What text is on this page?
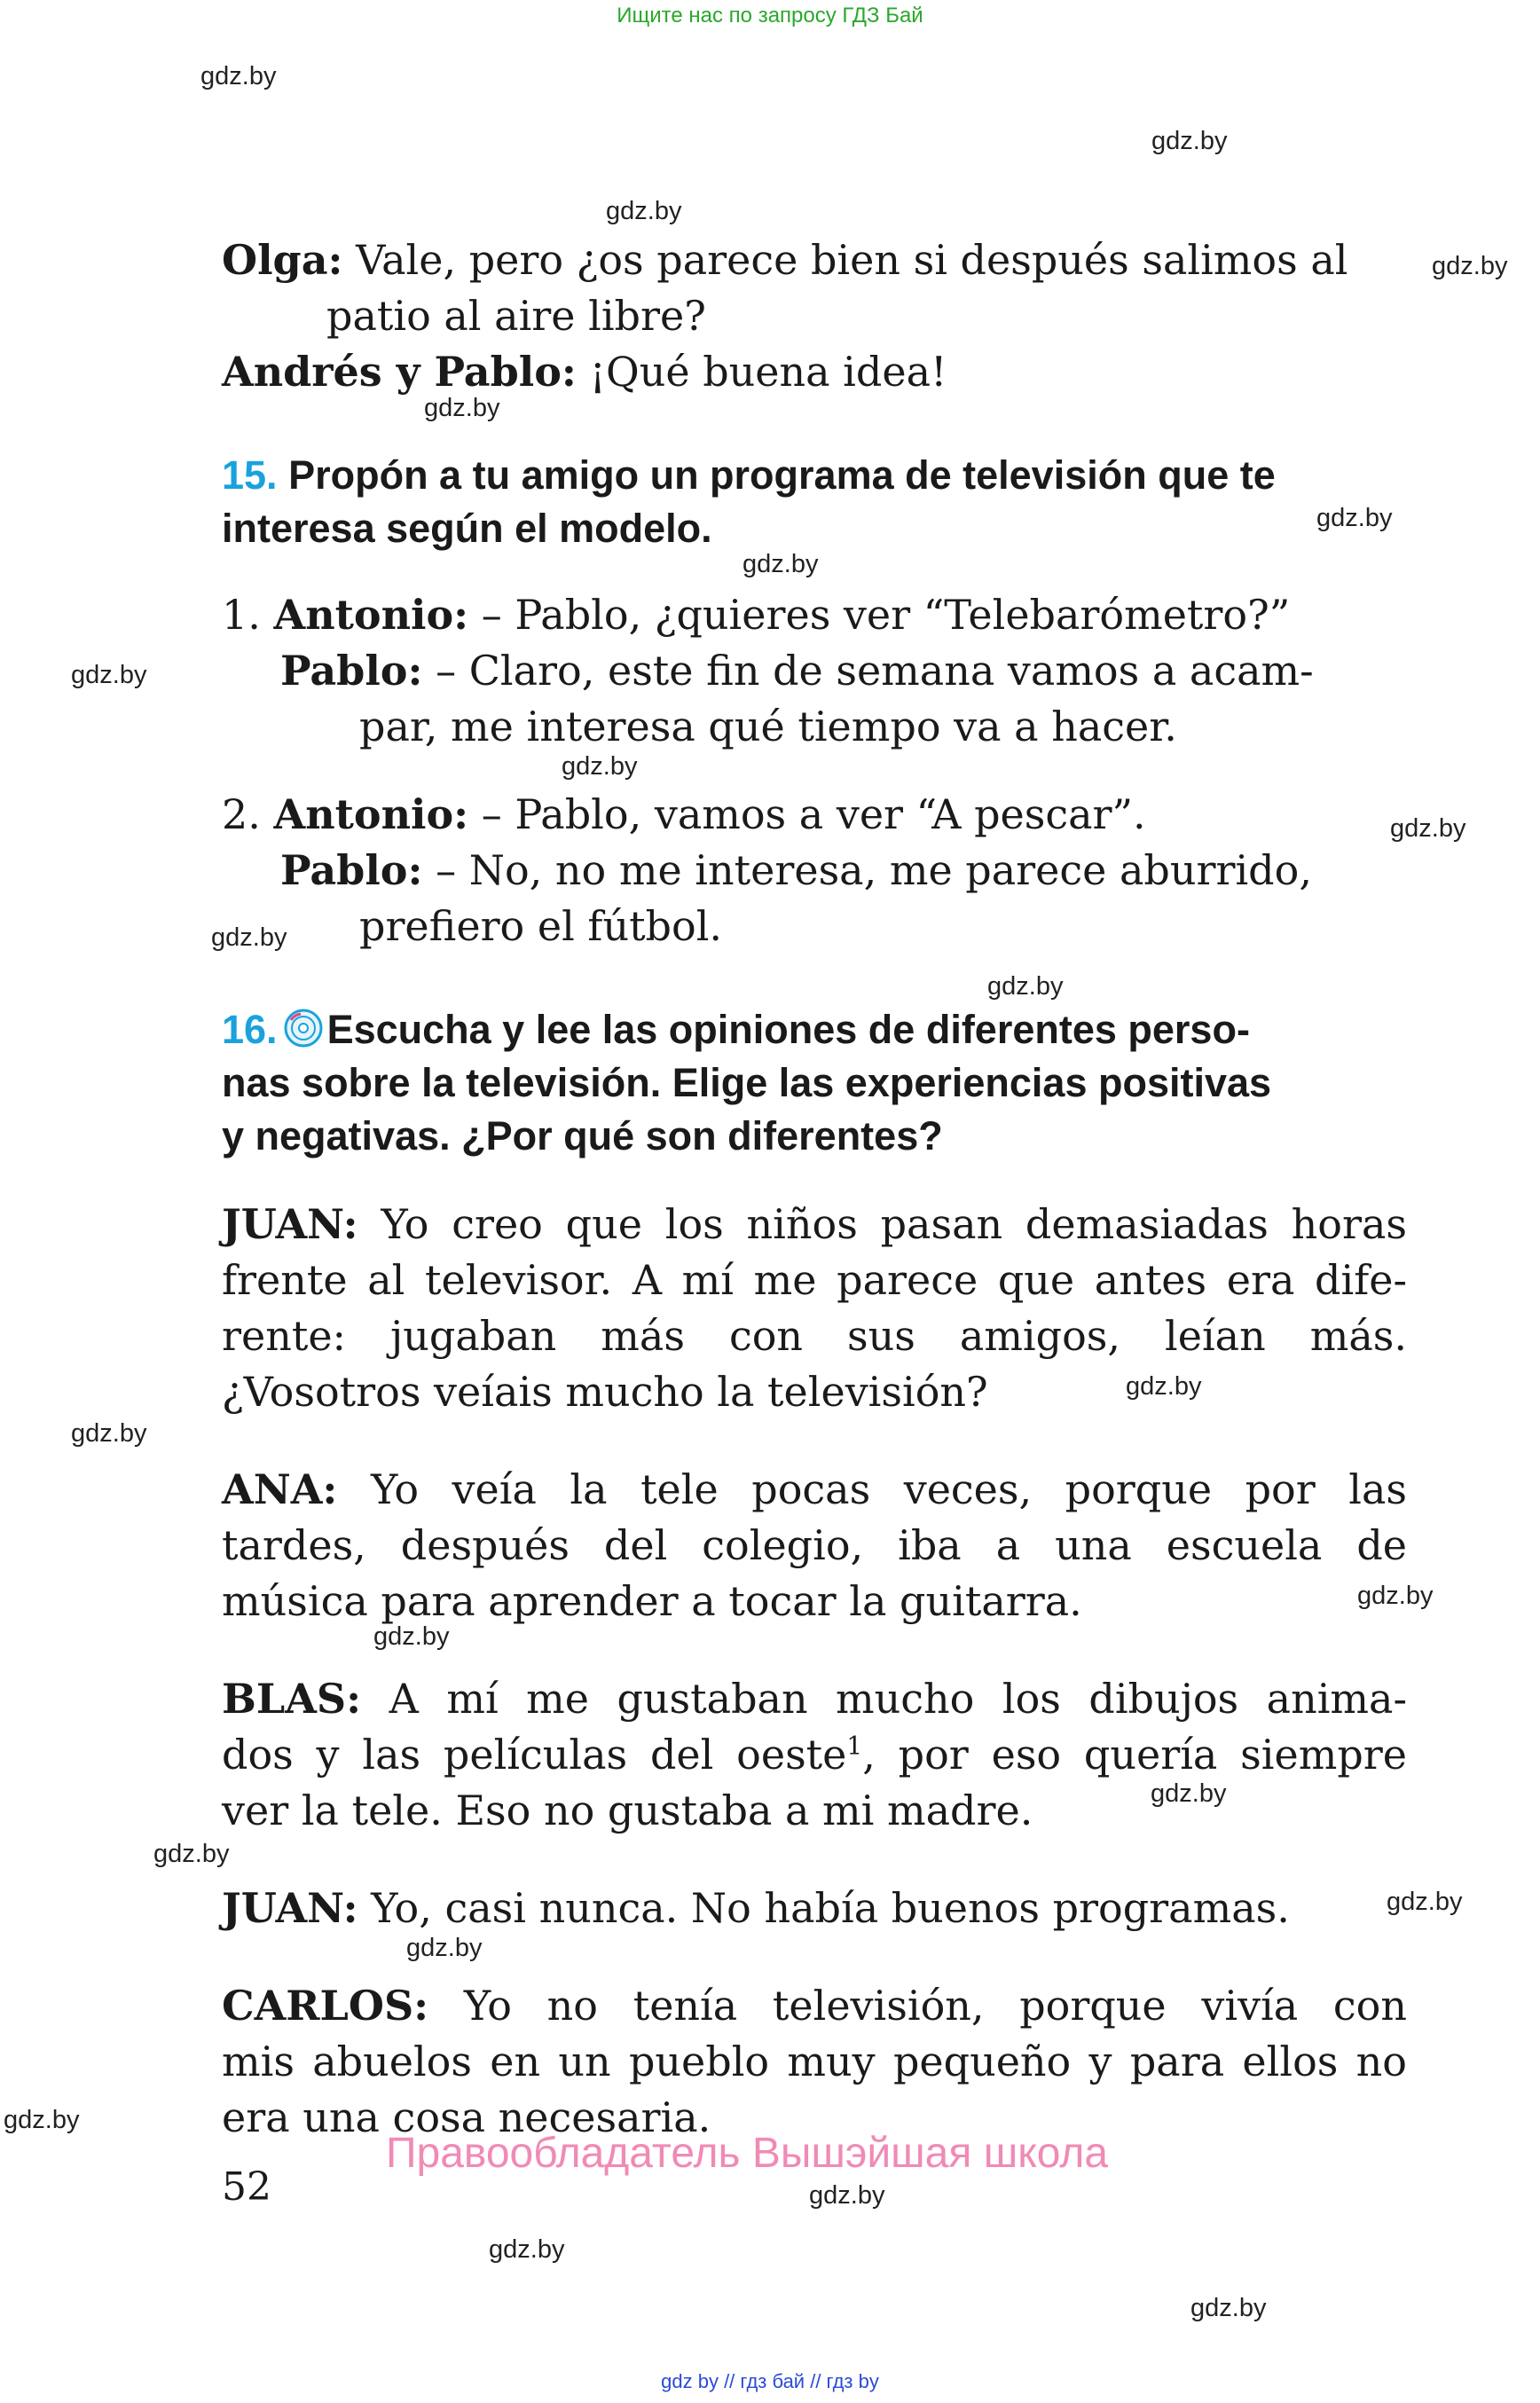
Ищите нас по запросу ГДЗ Бай
gdz.by
gdz.by
gdz.by
gdz.by
gdz.by
gdz.by
gdz.by
gdz.by
gdz.by
gdz.by
gdz.by
gdz.by
gdz.by
gdz.by
gdz.by
gdz.by
gdz.by
gdz.by
gdz.by
gdz.by
gdz.by
gdz.by
gdz.by
gdz.by
Olga: Vale, pero ¿os parece bien si después salimos al
patio al aire libre?
Andrés y Pablo: ¡Qué buena idea!
15. Propón a tu amigo un programa de televisión que te
interesa según el modelo.
1. Antonio: – Pablo, ¿quieres ver “Telebarómetro?”
Pablo: – Claro, este fin de semana vamos a acam-
par, me interesa qué tiempo va a hacer.
2. Antonio: – Pablo, vamos a ver “A pescar”.
Pablo: – No, no me interesa, me parece aburrido,
prefiero el fútbol.
16. Escucha y lee las opiniones de diferentes perso-
nas sobre la televisión. Elige las experiencias positivas
y negativas. ¿Por qué son diferentes?
JUAN: Yo creo que los niños pasan demasiadas horas
frente al televisor. A mí me parece que antes era dife-
rente: jugaban más con sus amigos, leían más.
¿Vosotros veíais mucho la televisión?
ANA: Yo veía la tele pocas veces, porque por las
tardes, después del colegio, iba a una escuela de
música para aprender a tocar la guitarra.
BLAS: A mí me gustaban mucho los dibujos anima-
dos y las películas del oeste$^1$, por eso quería siempre
ver la tele. Eso no gustaba a mi madre.
JUAN: Yo, casi nunca. No había buenos programas.
CARLOS: Yo no tenía televisión, porque vivía con
mis abuelos en un pueblo muy pequeño y para ellos no
era una cosa necesaria.
Правообладатель Вышэйшая школа
52
gdz by // гдз бай // гдз by
